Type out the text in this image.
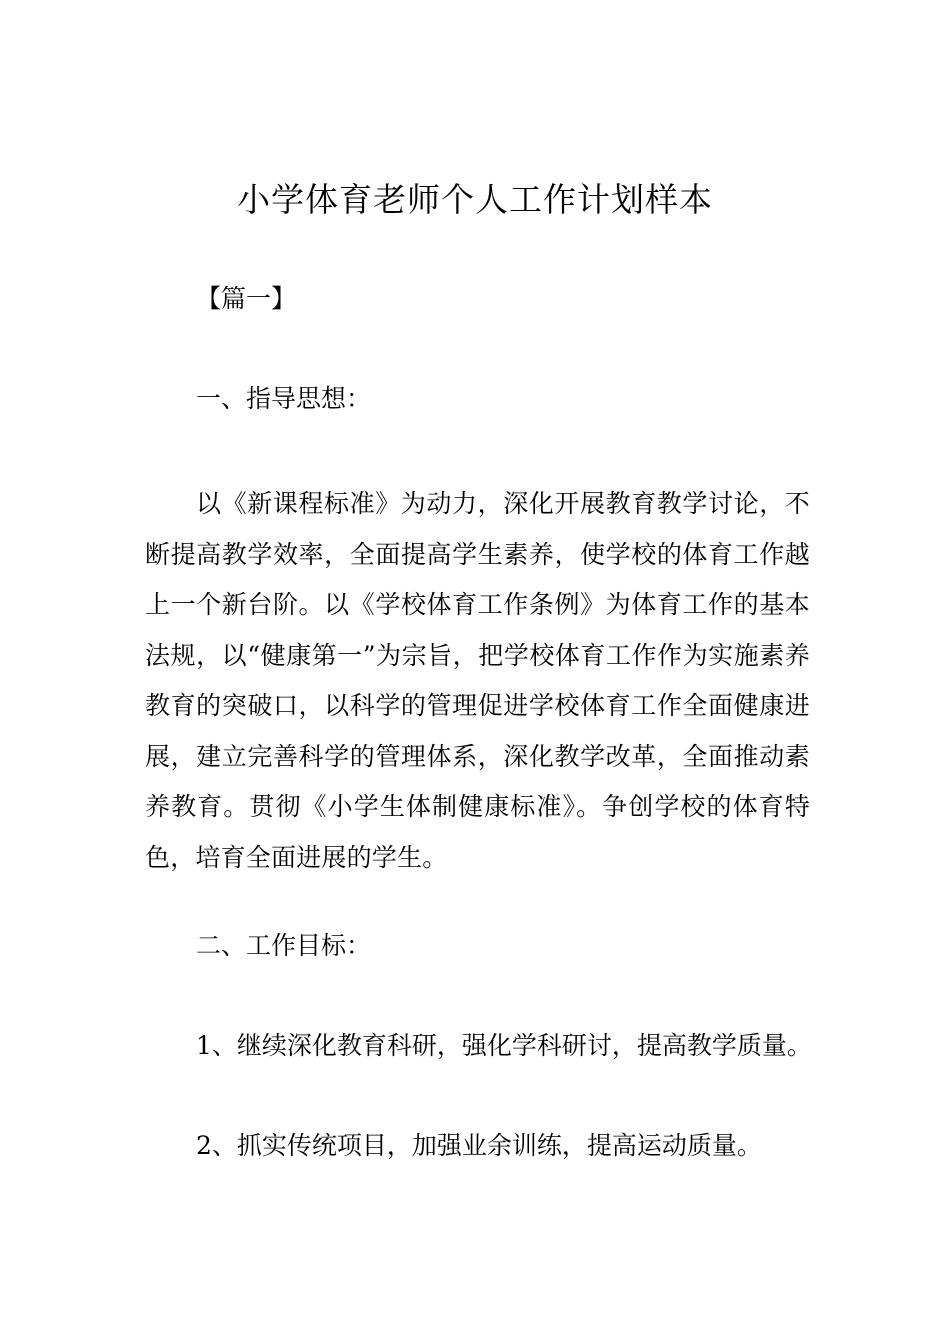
小学体育老师个人工作计划样本

【篇一】

一、指导思想：

以《新课程标准》为动力，深化开展教育教学讨论，不断提高教学效率，全面提高学生素养，使学校的体育工作越上一个新台阶。以《学校体育工作条例》为体育工作的基本法规，以“健康第一”为宗旨，把学校体育工作作为实施素养教育的突破口，以科学的管理促进学校体育工作全面健康进展，建立完善科学的管理体系，深化教学改革，全面推动素养教育。贯彻《小学生体制健康标准》。争创学校的体育特色，培育全面进展的学生。

二、工作目标：

1、继续深化教育科研，强化学科研讨，提高教学质量。

2、抓实传统项目，加强业余训练，提高运动质量。
